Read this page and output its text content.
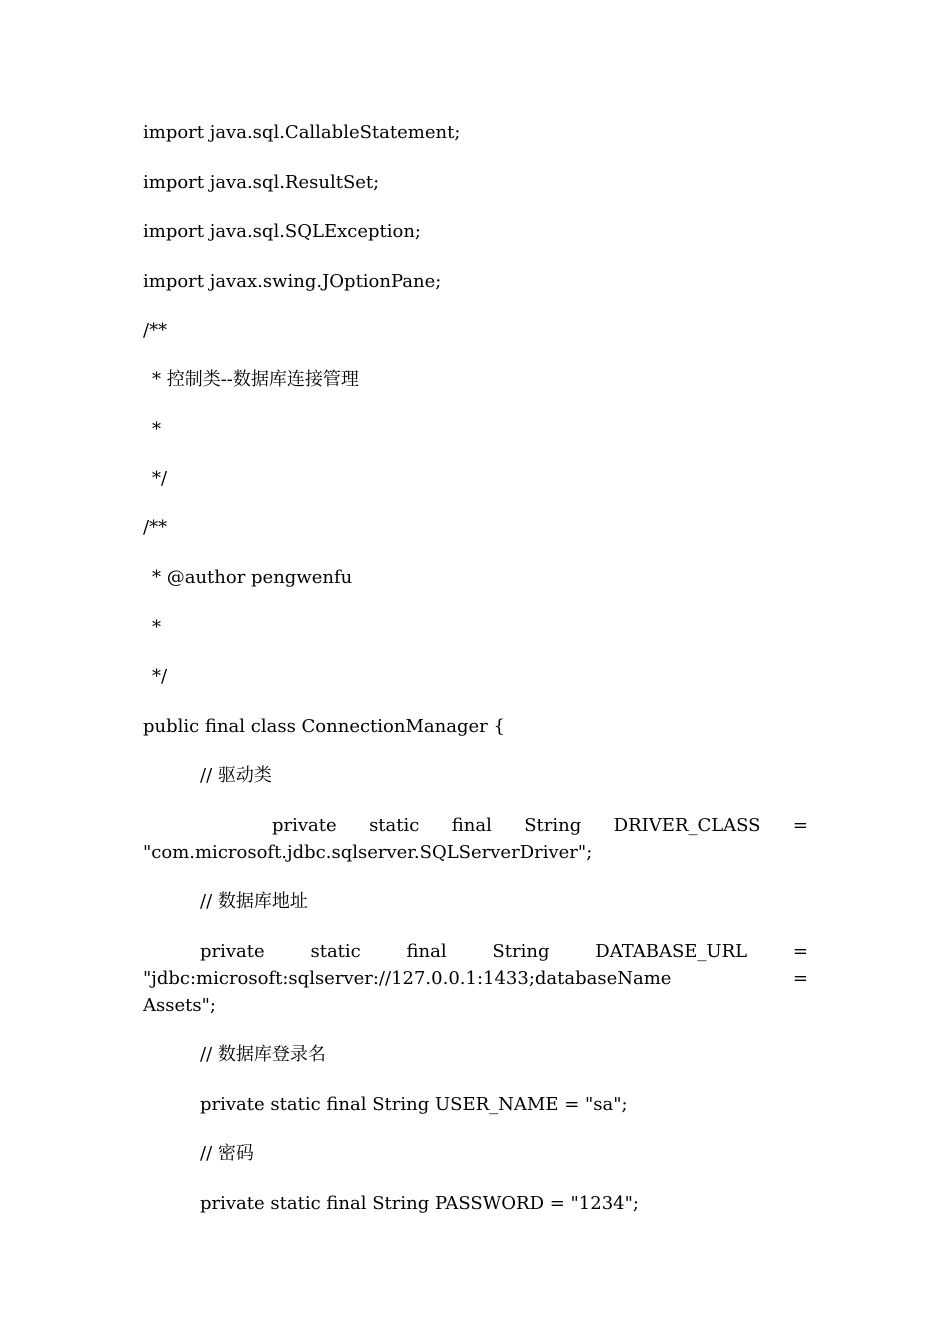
import java.sql.CallableStatement;
import java.sql.ResultSet;
import java.sql.SQLException;
import javax.swing.JOptionPane;
/**
* 控制类--数据库连接管理
*
*/
/**
* @author pengwenfu
*
*/
public final class ConnectionManager {
// 驱动类
private static final String DRIVER_CLASS =
"com.microsoft.jdbc.sqlserver.SQLServerDriver";
// 数据库地址
private static final String DATABASE_URL =
"jdbc:microsoft:sqlserver://127.0.0.1:1433;databaseName =
Assets";
// 数据库登录名
private static final String USER_NAME = "sa";
// 密码
private static final String PASSWORD = "1234";
